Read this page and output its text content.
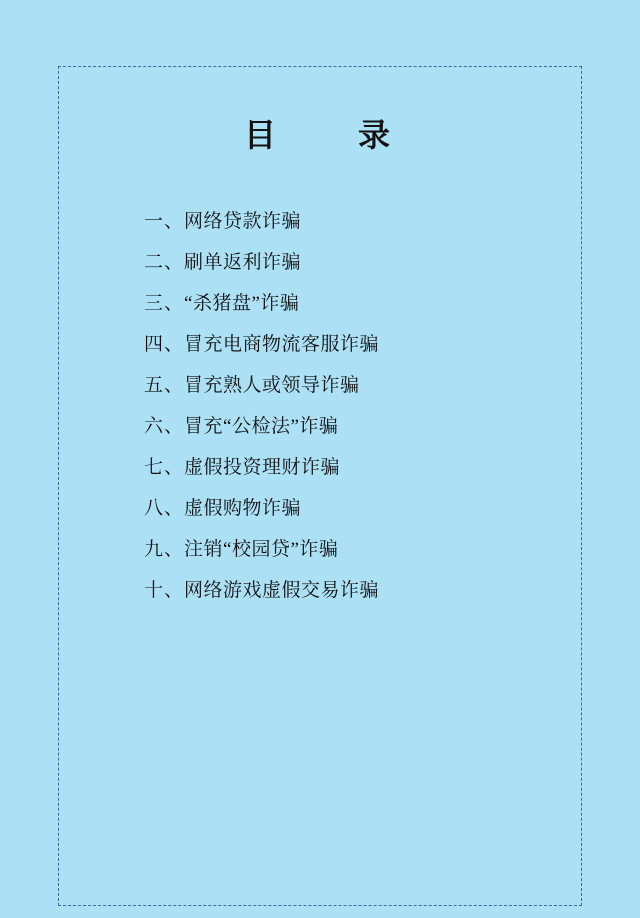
目　　录
一、网络贷款诈骗
二、刷单返利诈骗
三、“杀猪盘”诈骗
四、冒充电商物流客服诈骗
五、冒充熟人或领导诈骗
六、冒充“公检法”诈骗
七、虚假投资理财诈骗
八、虚假购物诈骗
九、注销“校园贷”诈骗
十、网络游戏虚假交易诈骗
